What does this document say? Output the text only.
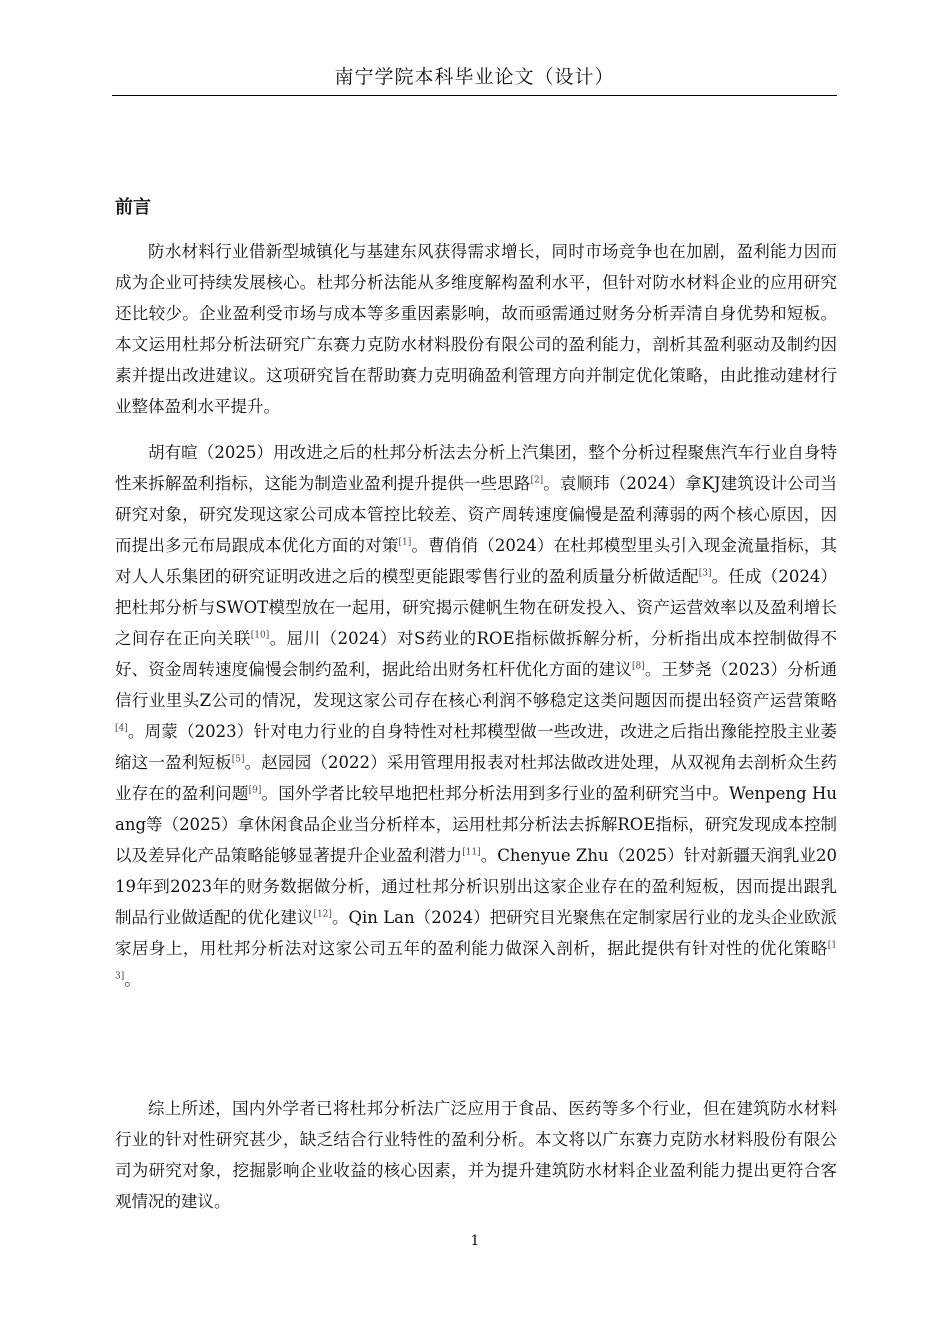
南宁学院本科毕业论文（设计）
前言

防水材料行业借新型城镇化与基建东风获得需求增长，同时市场竞争也在加剧，盈利能力因而成为企业可持续发展核心。杜邦分析法能从多维度解构盈利水平，但针对防水材料企业的应用研究还比较少。企业盈利受市场与成本等多重因素影响，故而亟需通过财务分析弄清自身优势和短板。本文运用杜邦分析法研究广东赛力克防水材料股份有限公司的盈利能力，剖析其盈利驱动及制约因素并提出改进建议。这项研究旨在帮助赛力克明确盈利管理方向并制定优化策略，由此推动建材行业整体盈利水平提升。

胡有暄（2025）用改进之后的杜邦分析法去分析上汽集团，整个分析过程聚焦汽车行业自身特性来拆解盈利指标，这能为制造业盈利提升提供一些思路[2]。袁顺玮（2024）拿KJ建筑设计公司当研究对象，研究发现这家公司成本管控比较差、资产周转速度偏慢是盈利薄弱的两个核心原因，因而提出多元布局跟成本优化方面的对策[1]。曹俏俏（2024）在杜邦模型里头引入现金流量指标，其对人人乐集团的研究证明改进之后的模型更能跟零售行业的盈利质量分析做适配[3]。任成（2024）把杜邦分析与SWOT模型放在一起用，研究揭示健帆生物在研发投入、资产运营效率以及盈利增长之间存在正向关联[10]。屈川（2024）对S药业的ROE指标做拆解分析，分析指出成本控制做得不好、资金周转速度偏慢会制约盈利，据此给出财务杠杆优化方面的建议[8]。王梦尧（2023）分析通信行业里头Z公司的情况，发现这家公司存在核心利润不够稳定这类问题因而提出轻资产运营策略[4]。周蒙（2023）针对电力行业的自身特性对杜邦模型做一些改进，改进之后指出豫能控股主业萎缩这一盈利短板[5]。赵园园（2022）采用管理用报表对杜邦法做改进处理，从双视角去剖析众生药业存在的盈利问题[9]。国外学者比较早地把杜邦分析法用到多行业的盈利研究当中。Wenpeng Huang等（2025）拿休闲食品企业当分析样本，运用杜邦分析法去拆解ROE指标，研究发现成本控制以及差异化产品策略能够显著提升企业盈利潜力[11]。Chenyue Zhu（2025）针对新疆天润乳业2019年到2023年的财务数据做分析，通过杜邦分析识别出这家企业存在的盈利短板，因而提出跟乳制品行业做适配的优化建议[12]。Qin Lan（2024）把研究目光聚焦在定制家居行业的龙头企业欧派家居身上，用杜邦分析法对这家公司五年的盈利能力做深入剖析，据此提供有针对性的优化策略[13]。

综上所述，国内外学者已将杜邦分析法广泛应用于食品、医药等多个行业，但在建筑防水材料行业的针对性研究甚少，缺乏结合行业特性的盈利分析。本文将以广东赛力克防水材料股份有限公司为研究对象，挖掘影响企业收益的核心因素，并为提升建筑防水材料企业盈利能力提出更符合客观情况的建议。

1
